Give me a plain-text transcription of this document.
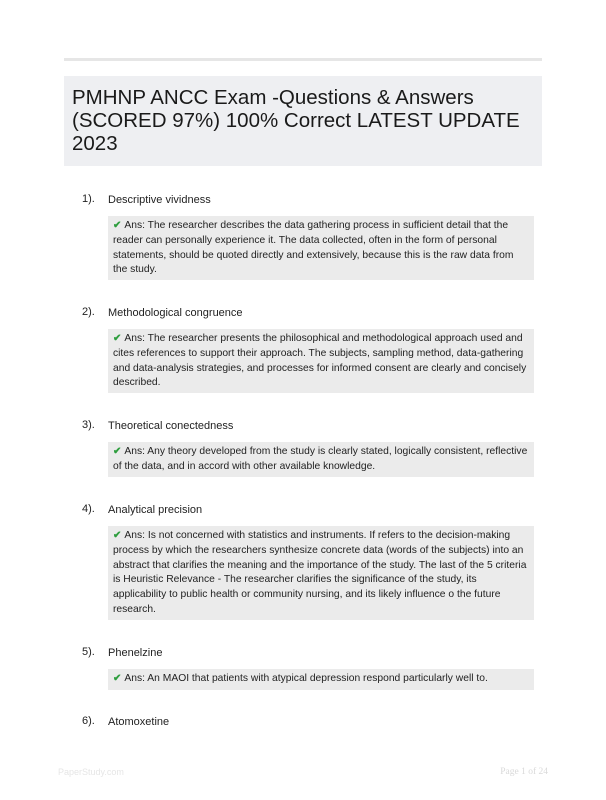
PMHNP ANCC Exam -Questions & Answers (SCORED 97%) 100% Correct LATEST UPDATE 2023
1). Descriptive vividness
✔ Ans: The researcher describes the data gathering process in sufficient detail that the reader can personally experience it. The data collected, often in the form of personal statements, should be quoted directly and extensively, because this is the raw data from the study.
2). Methodological congruence
✔ Ans: The researcher presents the philosophical and methodological approach used and cites references to support their approach. The subjects, sampling method, data-gathering and data-analysis strategies, and processes for informed consent are clearly and concisely described.
3). Theoretical conectedness
✔ Ans: Any theory developed from the study is clearly stated, logically consistent, reflective of the data, and in accord with other available knowledge.
4). Analytical precision
✔ Ans: Is not concerned with statistics and instruments. If refers to the decision-making process by which the researchers synthesize concrete data (words of the subjects) into an abstract that clarifies the meaning and the importance of the study. The last of the 5 criteria is Heuristic Relevance - The researcher clarifies the significance of the study, its applicability to public health or community nursing, and its likely influence o the future research.
5). Phenelzine
✔ Ans: An MAOI that patients with atypical depression respond particularly well to.
6). Atomoxetine
PaperStudy.com	Page 1 of 24
